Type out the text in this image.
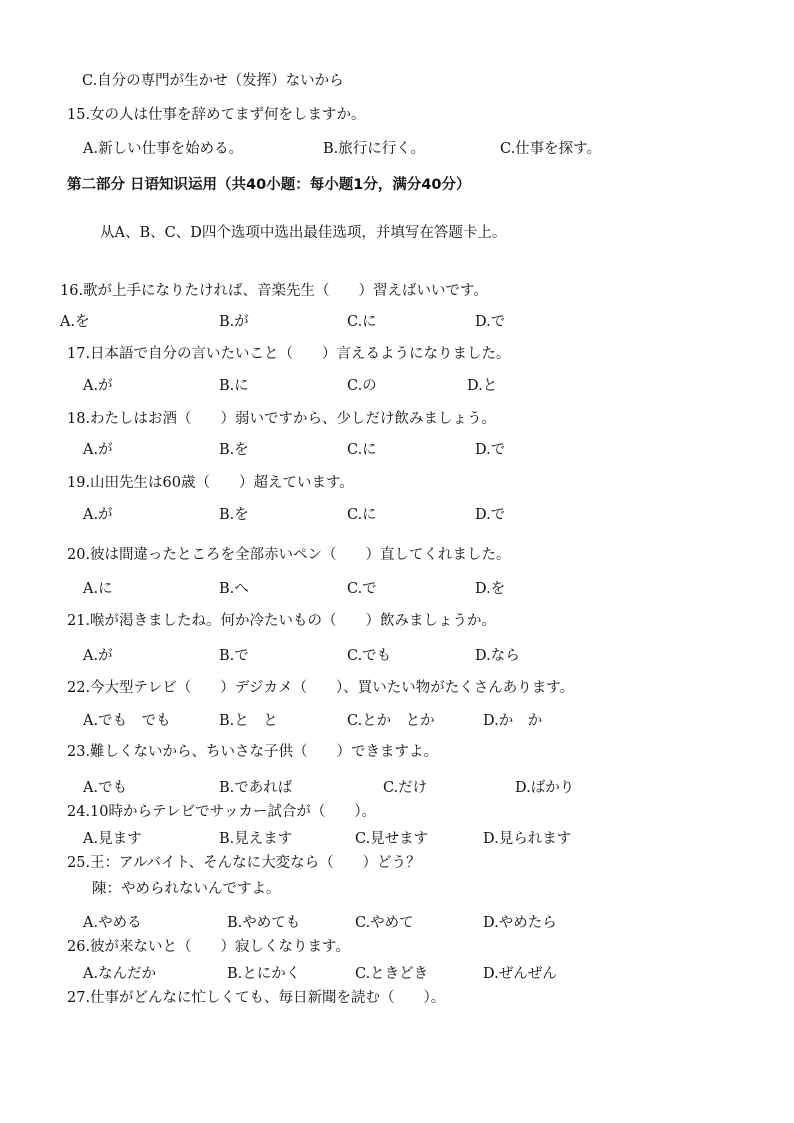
C.自分の専門が生かせ（发挥）ないから
15.女の人は仕事を辞めてまず何をしますか。
A.新しい仕事を始める。	B.旅行に行く。	C.仕事を探す。
第二部分 日语知识运用（共40小题：每小题1分，满分40分）
从A、B、C、D四个选项中选出最佳选项，并填写在答题卡上。
16.歌が上手になりたければ、音楽先生（　　）習えばいいです。
A.を	B.が	C.に	D.で
17.日本語で自分の言いたいこと（　　）言えるようになりました。
A.が	B.に	C.の	D.と
18.わたしはお酒（　　）弱いですから、少しだけ飲みましょう。
A.が	B.を	C.に	D.で
19.山田先生は60歳（　　）超えています。
A.が	B.を	C.に	D.で
20.彼は間違ったところを全部赤いペン（　　）直してくれました。
A.に	B.へ	C.で	D.を
21.喉が渇きましたね。何か冷たいもの（　　）飲みましょうか。
A.が	B.で	C.でも	D.なら
22.今大型テレビ（　　）デジカメ（　　）、買いたい物がたくさんあります。
A.でも　でも	B.と　と	C.とか　とか	D.か　か
23.難しくないから、ちいさな子供（　　）できますよ。
A.でも	B.であれば	C.だけ	D.ばかり
24.10時からテレビでサッカー試合が（　　）。
A.見ます	B.見えます	C.見せます	D.見られます
25.王：アルバイト、そんなに大変なら（　　）どう？
陳：やめられないんですよ。
A.やめる	B.やめても	C.やめて	D.やめたら
26.彼が来ないと（　　）寂しくなります。
A.なんだか	B.とにかく	C.ときどき	D.ぜんぜん
27.仕事がどんなに忙しくても、毎日新聞を読む（　　）。
